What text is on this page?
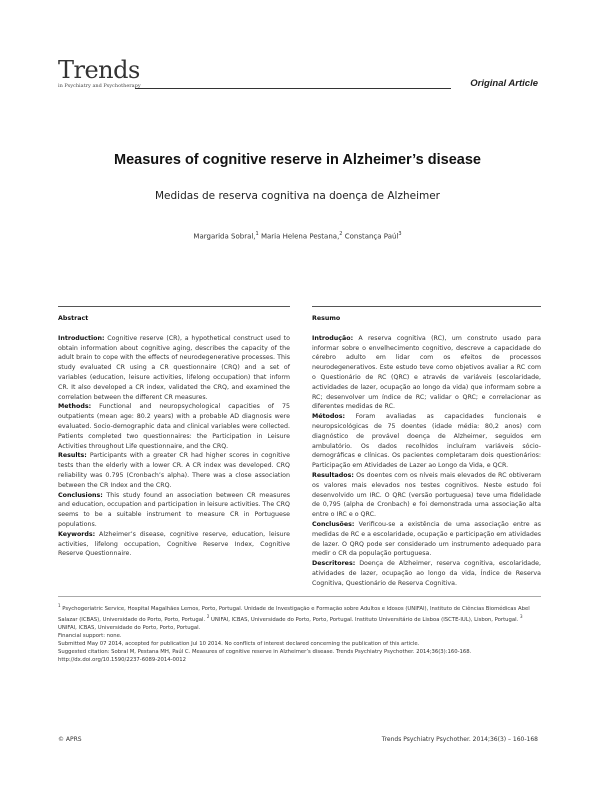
Trends
in Psychiatry and Psychotherapy	Original Article
Measures of cognitive reserve in Alzheimer’s disease
Medidas de reserva cognitiva na doença de Alzheimer
Margarida Sobral,$^1$ Maria Helena Pestana,$^2$ Constança Paúl$^3$
Abstract

Introduction: Cognitive reserve (CR), a hypothetical construct used to obtain information about cognitive aging, describes the capacity of the adult brain to cope with the effects of neurodegenerative processes. This study evaluated CR using a CR questionnaire (CRQ) and a set of variables (education, leisure activities, lifelong occupation) that inform CR. It also developed a CR index, validated the CRQ, and examined the correlation between the different CR measures.

Methods: Functional and neuropsychological capacities of 75 outpatients (mean age: 80.2 years) with a probable AD diagnosis were evaluated. Socio-demographic data and clinical variables were collected. Patients completed two questionnaires: the Participation in Leisure Activities throughout Life questionnaire, and the CRQ.

Results: Participants with a greater CR had higher scores in cognitive tests than the elderly with a lower CR. A CR index was developed. CRQ reliability was 0.795 (Cronbach’s alpha). There was a close association between the CR Index and the CRQ.

Conclusions: This study found an association between CR measures and education, occupation and participation in leisure activities. The CRQ seems to be a suitable instrument to measure CR in Portuguese populations.

Keywords: Alzheimer’s disease, cognitive reserve, education, leisure activities, lifelong occupation, Cognitive Reserve Index, Cognitive Reserve Questionnaire.

Resumo

Introdução: A reserva cognitiva (RC), um construto usado para informar sobre o envelhecimento cognitivo, descreve a capacidade do cérebro adulto em lidar com os efeitos de processos neurodegenerativos. Este estudo teve como objetivos avaliar a RC com o Questionário de RC (QRC) e através de variáveis (escolaridade, actividades de lazer, ocupação ao longo da vida) que informam sobre a RC; desenvolver um índice de RC; validar o QRC; e correlacionar as diferentes medidas de RC.

Métodos: Foram avaliadas as capacidades funcionais e neuropsicológicas de 75 doentes (idade média: 80,2 anos) com diagnóstico de provável doença de Alzheimer, seguidos em ambulatório. Os dados recolhidos incluíram variáveis sócio-demográficas e clínicas. Os pacientes completaram dois questionários: Participação em Atividades de Lazer ao Longo da Vida, e QCR.

Resultados: Os doentes com os níveis mais elevados de RC obtiveram os valores mais elevados nos testes cognitivos. Neste estudo foi desenvolvido um IRC. O QRC (versão portuguesa) teve uma fidelidade de 0,795 (alpha de Cronbach) e foi demonstrada uma associação alta entre o IRC e o QRC.

Conclusões: Verificou-se a existência de uma associação entre as medidas de RC e a escolaridade, ocupação e participação em atividades de lazer. O QRQ pode ser considerado um instrumento adequado para medir o CR da população portuguesa.

Descritores: Doença de Alzheimer, reserva cognitiva, escolaridade, atividades de lazer, ocupação ao longo da vida, Índice de Reserva Cognitiva, Questionário de Reserva Cognitiva.

$^1$ Psychogeriatric Service, Hospital Magalhães Lemos, Porto, Portugal. Unidade de Investigação e Formação sobre Adultos e Idosos (UNIFAI), Instituto de Ciências Biomédicas Abel Salazar (ICBAS), Universidade do Porto, Porto, Portugal. $^2$ UNIFAI, ICBAS, Universidade do Porto, Porto, Portugal. Instituto Universitário de Lisboa (ISCTE-IUL), Lisbon, Portugal. $^3$ UNIFAI, ICBAS, Universidade do Porto, Porto, Portugal.

Financial support: none.

Submitted May 07 2014, accepted for publication Jul 10 2014. No conflicts of interest declared concerning the publication of this article.

Suggested citation: Sobral M, Pestana MH, Paúl C. Measures of cognitive reserve in Alzheimer’s disease. Trends Psychiatry Psychother. 2014;36(3):160-168. http://dx.doi.org/10.1590/2237-6089-2014-0012

© APRS	Trends Psychiatry Psychother. 2014;36(3) – 160-168
